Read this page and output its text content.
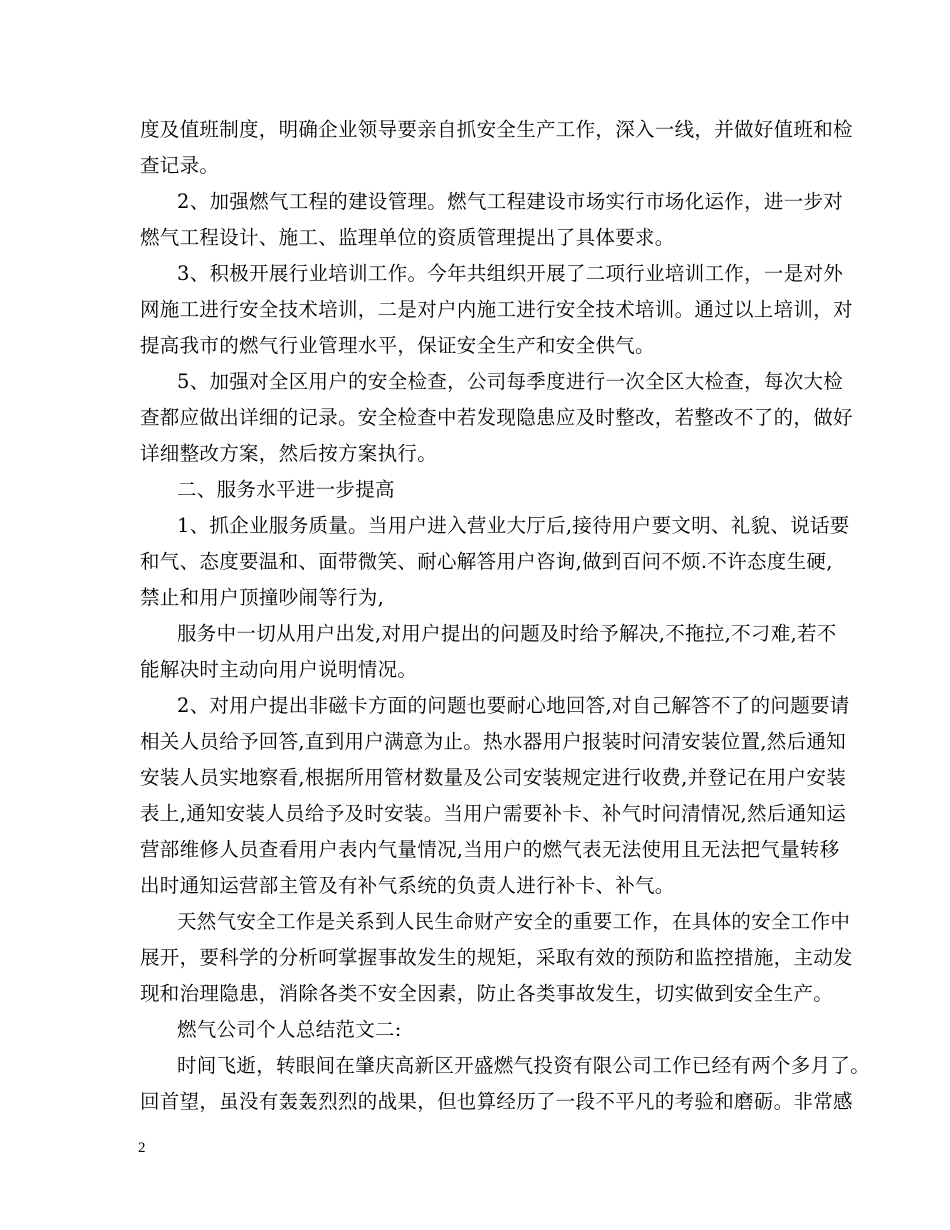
度及值班制度，明确企业领导要亲自抓安全生产工作，深入一线，并做好值班和检
查记录。
2、加强燃气工程的建设管理。燃气工程建设市场实行市场化运作，进一步对
燃气工程设计、施工、监理单位的资质管理提出了具体要求。
3、积极开展行业培训工作。今年共组织开展了二项行业培训工作，一是对外
网施工进行安全技术培训，二是对户内施工进行安全技术培训。通过以上培训，对
提高我市的燃气行业管理水平，保证安全生产和安全供气。
5、加强对全区用户的安全检查，公司每季度进行一次全区大检查，每次大检
查都应做出详细的记录。安全检查中若发现隐患应及时整改，若整改不了的，做好
详细整改方案，然后按方案执行。
二、服务水平进一步提高
1、抓企业服务质量。当用户进入营业大厅后,接待用户要文明、礼貌、说话要
和气、态度要温和、面带微笑、耐心解答用户咨询,做到百问不烦.不许态度生硬,
禁止和用户顶撞吵闹等行为,
服务中一切从用户出发,对用户提出的问题及时给予解决,不拖拉,不刁难,若不
能解决时主动向用户说明情况。
2、对用户提出非磁卡方面的问题也要耐心地回答,对自己解答不了的问题要请
相关人员给予回答,直到用户满意为止。热水器用户报装时问清安装位置,然后通知
安装人员实地察看,根据所用管材数量及公司安装规定进行收费,并登记在用户安装
表上,通知安装人员给予及时安装。当用户需要补卡、补气时问清情况,然后通知运
营部维修人员查看用户表内气量情况,当用户的燃气表无法使用且无法把气量转移
出时通知运营部主管及有补气系统的负责人进行补卡、补气。
天然气安全工作是关系到人民生命财产安全的重要工作，在具体的安全工作中
展开，要科学的分析呵掌握事故发生的规矩，采取有效的预防和监控措施，主动发
现和治理隐患，消除各类不安全因素，防止各类事故发生，切实做到安全生产。
燃气公司个人总结范文二:
时间飞逝，转眼间在肇庆高新区开盛燃气投资有限公司工作已经有两个多月了。
回首望，虽没有轰轰烈烈的战果，但也算经历了一段不平凡的考验和磨砺。非常感
2
